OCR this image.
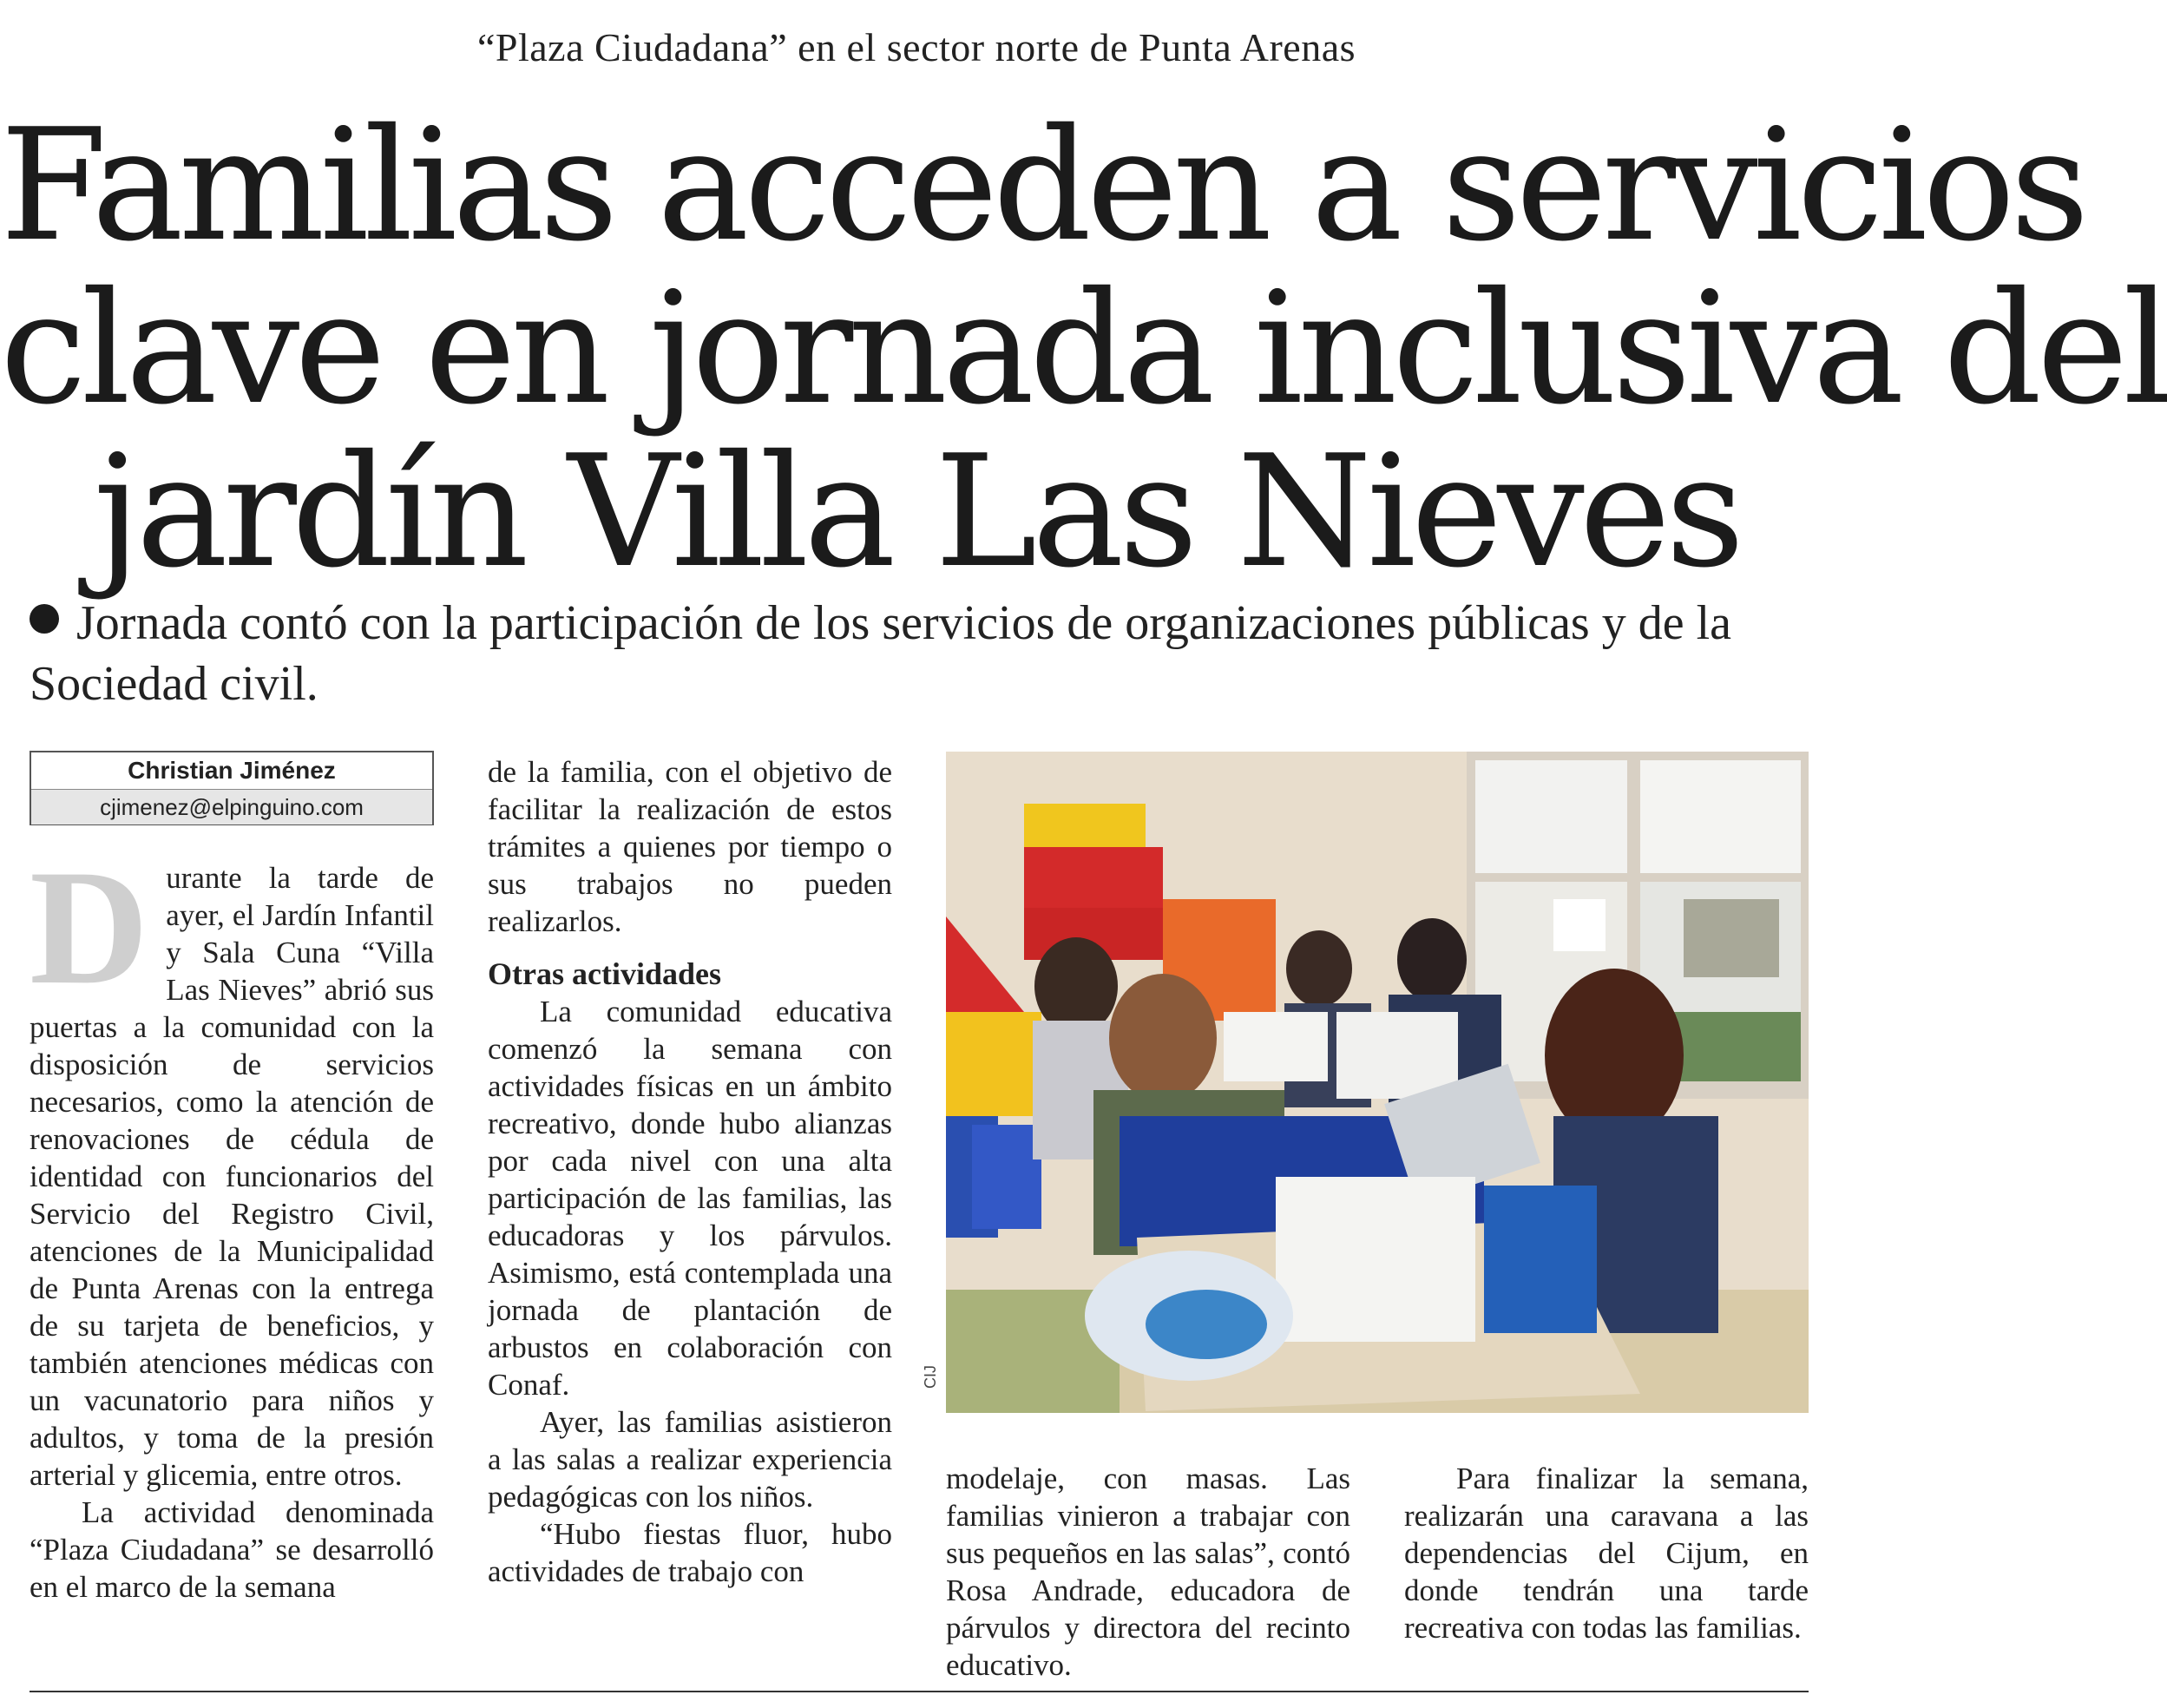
“Plaza Ciudadana” en el sector norte de Punta Arenas
Familias acceden a servicios
clave en jornada inclusiva del
jardín Villa Las Nieves
Jornada contó con la participación de los servicios de organizaciones públicas y de la Sociedad civil.
Christian Jiménez
cjimenez@elpinguino.com

Durante la tarde de ayer, el Jardín Infantil y Sala Cuna “Villa Las Nieves” abrió sus puertas a la comunidad con la disposición de servicios necesarios, como la atención de renovaciones de cédula de identidad con funcionarios del Servicio del Registro Civil, atenciones de la Municipalidad de Punta Arenas con la entrega de su tarjeta de beneficios, y también atenciones médicas con un vacunatorio para niños y adultos, y toma de la presión arterial y glicemia, entre otros.

La actividad denominada “Plaza Ciudadana” se desarrolló en el marco de la semana

de la familia, con el objetivo de facilitar la realización de estos trámites a quienes por tiempo o sus trabajos no pueden realizarlos.

Otras actividades

La comunidad educativa comenzó la semana con actividades físicas en un ámbito recreativo, donde hubo alianzas por cada nivel con una alta participación de las familias, las educadoras y los párvulos. Asimismo, está contemplada una jornada de plantación de arbustos en colaboración con Conaf.

Ayer, las familias asistieron a las salas a realizar experiencia pedagógicas con los niños.

“Hubo fiestas fluor, hubo actividades de trabajo con

CIJ

modelaje, con masas. Las familias vinieron a trabajar con sus pequeños en las salas”, contó Rosa Andrade, educadora de párvulos y directora del recinto educativo.

Para finalizar la semana, realizarán una caravana a las dependencias del Cijum, en donde tendrán una tarde recreativa con todas las familias.
